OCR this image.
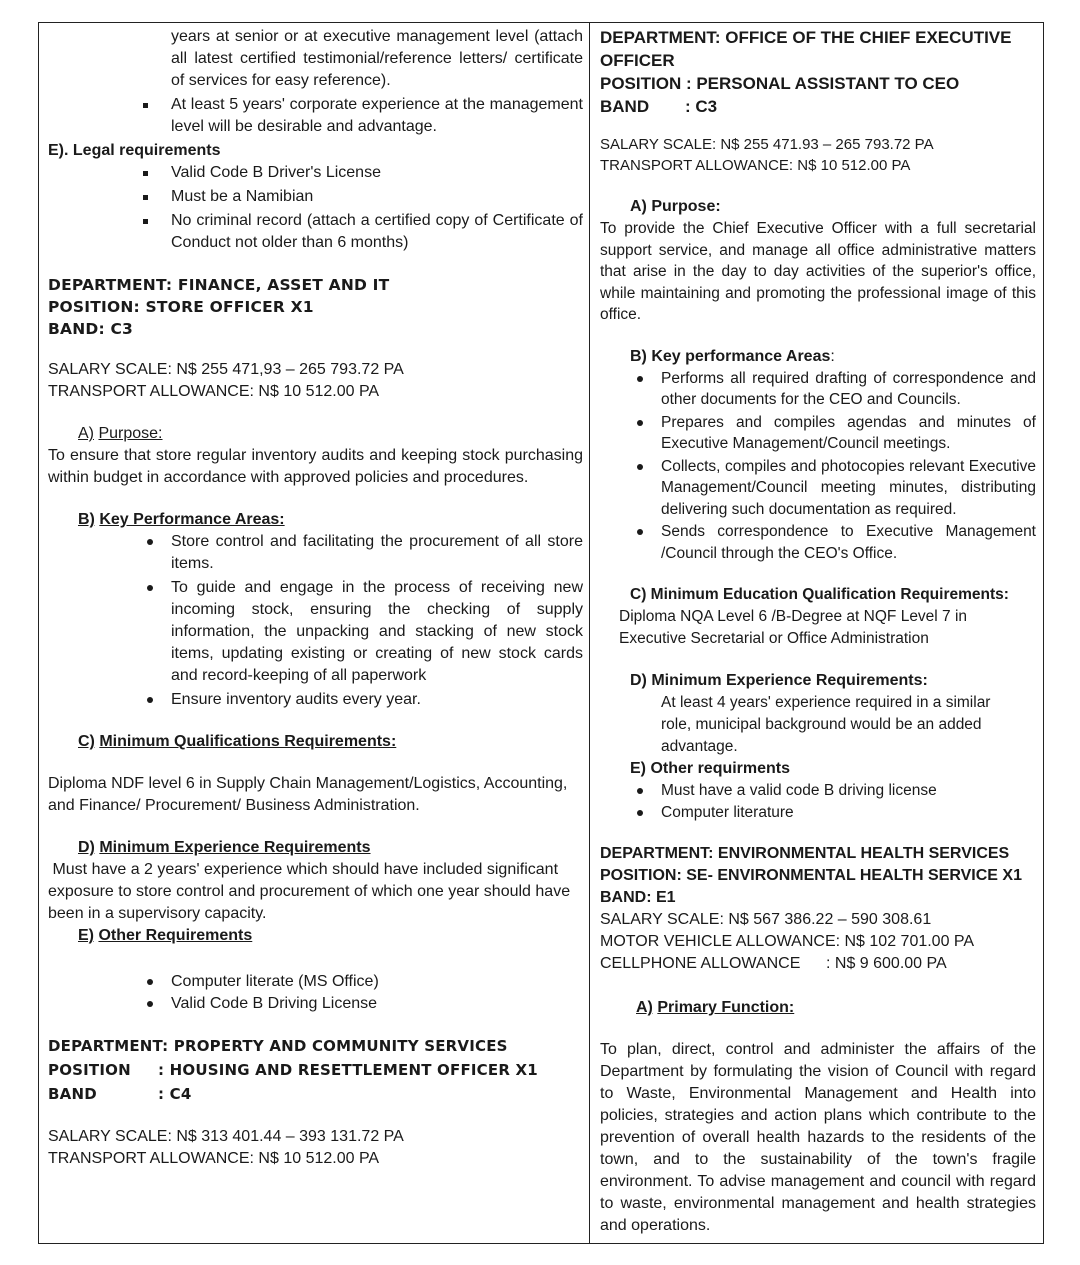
years at senior or at executive management level (attach all latest certified testimonial/reference letters/ certificate of services for easy reference).
At least 5 years' corporate experience at the management level will be desirable and advantage.
E). Legal requirements
Valid Code B Driver's License
Must be a Namibian
No criminal record (attach a certified copy of Certificate of Conduct not older than 6 months)
DEPARTMENT: FINANCE, ASSET AND IT
POSITION: STORE OFFICER X1
BAND: C3
SALARY SCALE: N$ 255 471,93 – 265 793.72 PA
TRANSPORT ALLOWANCE: N$ 10 512.00 PA
A) Purpose:
To ensure that store regular inventory audits and keeping stock purchasing within budget in accordance with approved policies and procedures.
B) Key Performance Areas:
Store control and facilitating the procurement of all store items.
To guide and engage in the process of receiving new incoming stock, ensuring the checking of supply information, the unpacking and stacking of new stock items, updating existing or creating of new stock cards and record-keeping of all paperwork
Ensure inventory audits every year.
C) Minimum Qualifications Requirements:
Diploma NDF level 6 in Supply Chain Management/Logistics, Accounting, and Finance/ Procurement/ Business Administration.
D) Minimum Experience Requirements
Must have a 2 years' experience which should have included significant exposure to store control and procurement of which one year should have been in a supervisory capacity.
E) Other Requirements
Computer literate (MS Office)
Valid Code B Driving License
DEPARTMENT: PROPERTY AND COMMUNITY SERVICES
POSITION : HOUSING AND RESETTLEMENT OFFICER X1
BAND	: C4
SALARY SCALE: N$ 313 401.44 – 393 131.72 PA
TRANSPORT ALLOWANCE: N$ 10 512.00 PA
DEPARTMENT: OFFICE OF THE CHIEF EXECUTIVE OFFICER
POSITION : PERSONAL ASSISTANT TO CEO
BAND : C3
SALARY SCALE: N$ 255 471.93 – 265 793.72 PA
TRANSPORT ALLOWANCE: N$ 10 512.00 PA
A) Purpose:
To provide the Chief Executive Officer with a full secretarial support service, and manage all office administrative matters that arise in the day to day activities of the superior's office, while maintaining and promoting the professional image of this office.
B) Key performance Areas:
Performs all required drafting of correspondence and other documents for the CEO and Councils.
Prepares and compiles agendas and minutes of Executive Management/Council meetings.
Collects, compiles and photocopies relevant Executive Management/Council meeting minutes, distributing delivering such documentation as required.
Sends correspondence to Executive Management /Council through the CEO's Office.
C) Minimum Education Qualification Requirements:
Diploma NQA Level 6 /B-Degree at NQF Level 7 in Executive Secretarial or Office Administration
D) Minimum Experience Requirements:
At least 4 years' experience required in a similar role, municipal background would be an added advantage.
E) Other requirments
Must have a valid code B driving license
Computer literature
DEPARTMENT: ENVIRONMENTAL HEALTH SERVICES
POSITION: SE- ENVIRONMENTAL HEALTH SERVICE X1
BAND: E1
SALARY SCALE: N$ 567 386.22 – 590 308.61
MOTOR VEHICLE ALLOWANCE: N$ 102 701.00 PA
CELLPHONE ALLOWANCE : N$ 9 600.00 PA
A) Primary Function:
To plan, direct, control and administer the affairs of the Department by formulating the vision of Council with regard to Waste, Environmental Management and Health into policies, strategies and action plans which contribute to the prevention of overall health hazards to the residents of the town, and to the sustainability of the town's fragile environment. To advise management and council with regard to waste, environmental management and health strategies and operations.
